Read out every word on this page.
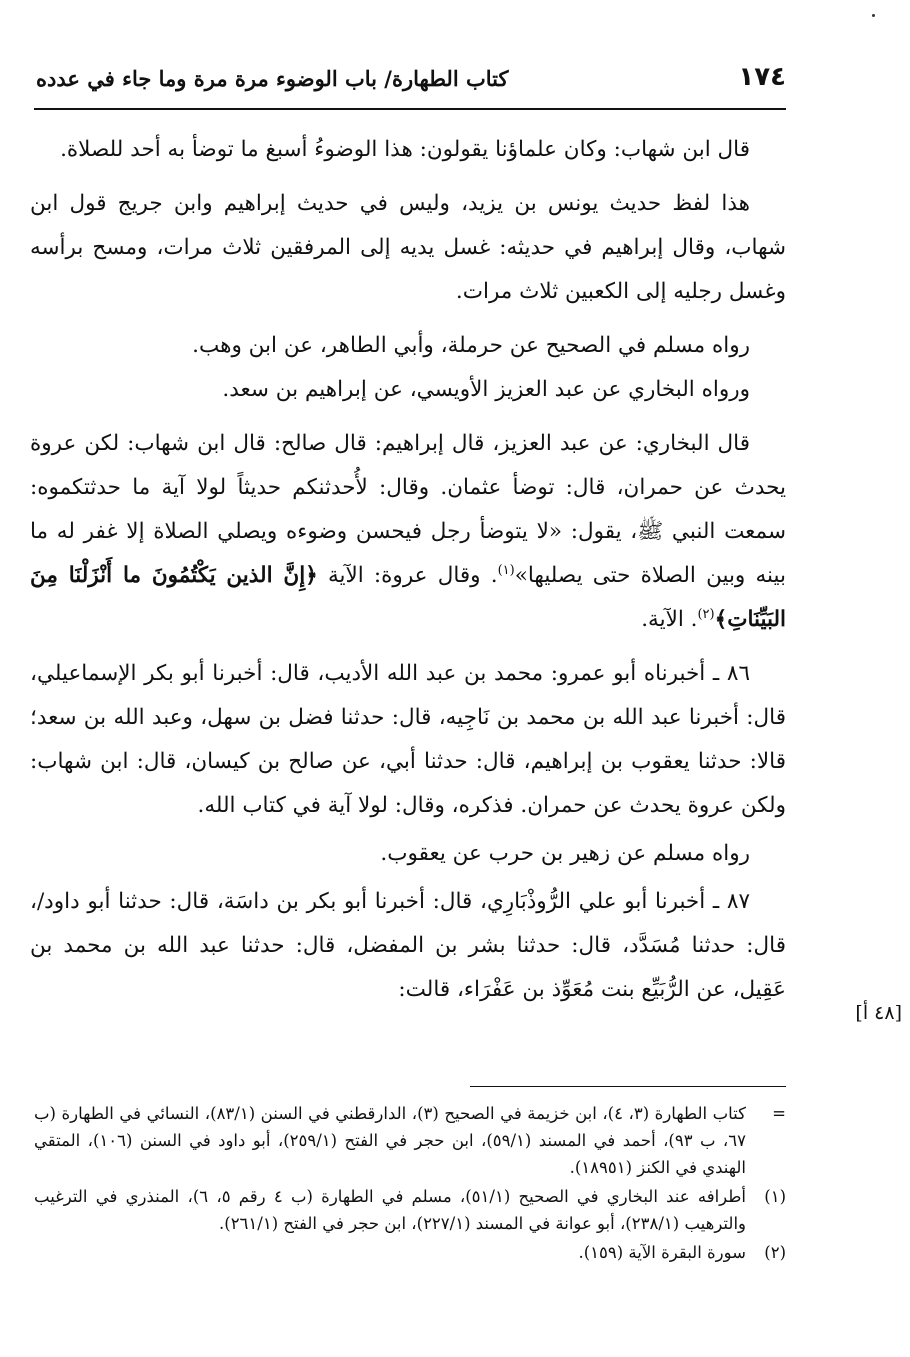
١٧٤
كتاب الطهارة/ باب الوضوء مرة مرة وما جاء في عدده

قال ابن شهاب: وكان علماؤنا يقولون: هذا الوضوءُ أسبغ ما توضأ به أحد للصلاة.

هذا لفظ حديث يونس بن يزيد، وليس في حديث إبراهيم وابن جريج قول ابن شهاب، وقال إبراهيم في حديثه: غسل يديه إلى المرفقين ثلاث مرات، ومسح برأسه وغسل رجليه إلى الكعبين ثلاث مرات.

رواه مسلم في الصحيح عن حرملة، وأبي الطاهر، عن ابن وهب.

ورواه البخاري عن عبد العزيز الأويسي، عن إبراهيم بن سعد.

قال البخاري: عن عبد العزيز، قال إبراهيم: قال صالح: قال ابن شهاب: لكن عروة يحدث عن حمران، قال: توضأ عثمان. وقال: لأُحدثنكم حديثاً لولا آية ما حدثتكموه: سمعت النبي ﷺ، يقول: «لا يتوضأ رجل فيحسن وضوءه ويصلي الصلاة إلا غفر له ما بينه وبين الصلاة حتى يصليها»$^{(١)}$. وقال عروة: الآية ﴿إِنَّ الذين يَكْتُمُونَ ما أَنْزَلْنَا مِنَ البَيِّنَاتِ﴾$^{(٢)}$. الآية.

٨٦ ـ أخبرناه أبو عمرو: محمد بن عبد الله الأديب، قال: أخبرنا أبو بكر الإسماعيلي، قال: أخبرنا عبد الله بن محمد بن نَاجِيه، قال: حدثنا فضل بن سهل، وعبد الله بن سعد؛ قالا: حدثنا يعقوب بن إبراهيم، قال: حدثنا أبي، عن صالح بن كيسان، قال: ابن شهاب: ولكن عروة يحدث عن حمران. فذكره، وقال: لولا آية في كتاب الله.

رواه مسلم عن زهير بن حرب عن يعقوب.

٨٧ ـ أخبرنا أبو علي الرُّوذْبَارِي، قال: أخبرنا أبو بكر بن داسَة، قال: حدثنا أبو داود/، قال: حدثنا مُسَدَّد، قال: حدثنا بشر بن المفضل، قال: حدثنا عبد الله بن محمد بن عَقِيل، عن الرُّبَيِّع بنت مُعَوِّذ بن عَفْرَاء، قالت:

[٤٨ أ]

=
كتاب الطهارة (٣، ٤)، ابن خزيمة في الصحيح (٣)، الدارقطني في السنن (٨٣/١)، النسائي في الطهارة (ب ٦٧، ب ٩٣)، أحمد في المسند (٥٩/١)، ابن حجر في الفتح (٢٥٩/١)، أبو داود في السنن (١٠٦)، المتقي الهندي في الكنز (١٨٩٥١).

(١)
أطرافه عند البخاري في الصحيح (٥١/١)، مسلم في الطهارة (ب ٤ رقم ٥، ٦)، المنذري في الترغيب والترهيب (٢٣٨/١)، أبو عوانة في المسند (٢٢٧/١)، ابن حجر في الفتح (٢٦١/١).

(٢)
سورة البقرة الآية (١٥٩).
